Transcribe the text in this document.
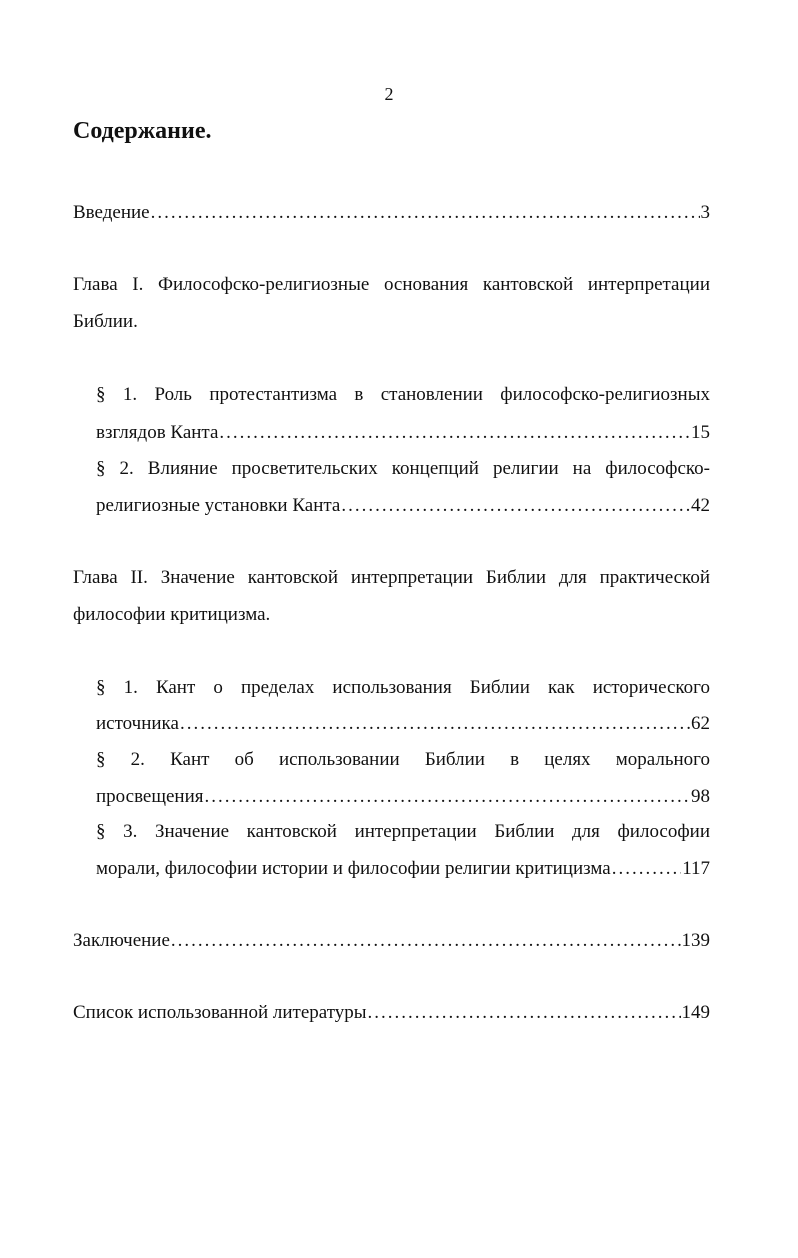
2
Содержание.
Введение .....	3
Глава I. Философско-религиозные основания кантовской интерпретации
Библии.
§ 1. Роль протестантизма в становлении философско-религиозных
взглядов Канта .....	15
§ 2. Влияние просветительских концепций религии на философско-
религиозные установки Канта .....	42
Глава II. Значение кантовской интерпретации Библии для практической
философии критицизма.
§ 1. Кант о пределах использования Библии как исторического
источника .....	62
§ 2. Кант об использовании Библии в целях морального
просвещения .....	98
§ 3. Значение кантовской интерпретации Библии для философии
морали, философии истории и философии религии критицизма .....	117
Заключение .....	139
Список использованной литературы .....	149
